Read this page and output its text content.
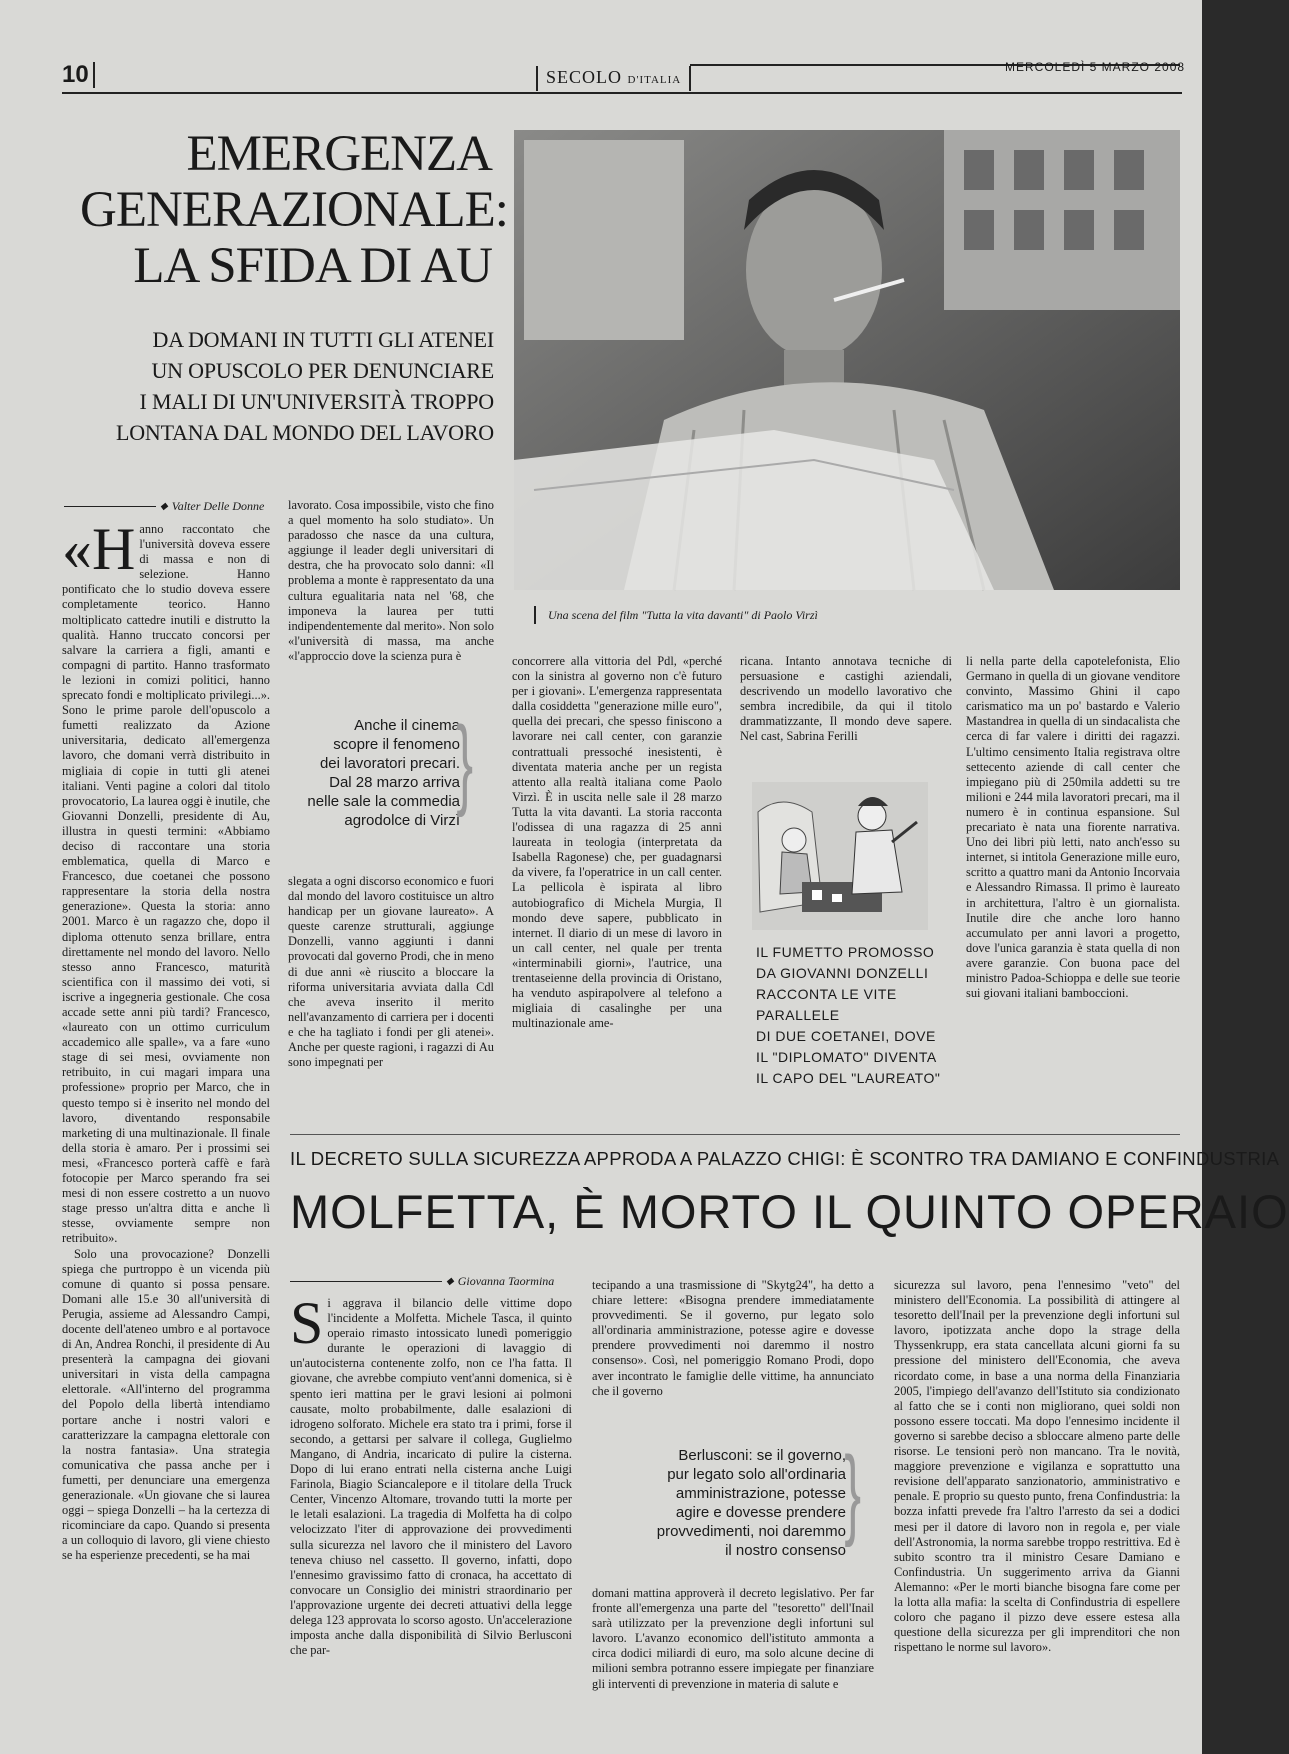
10	SECOLO D'ITALIA
MERCOLEDÌ 5 MARZO 2008
EMERGENZA
GENERAZIONALE:
LA SFIDA DI AU
DA DOMANI IN TUTTI GLI ATENEI
UN OPUSCOLO PER DENUNCIARE
I MALI DI UN'UNIVERSITÀ TROPPO
LONTANA DAL MONDO DEL LAVORO
Una scena del film "Tutta la vita davanti" di Paolo Virzì
◆ Valter Delle Donne
«H anno raccontato che l'università doveva essere di massa e non di selezione. Hanno pontificato che lo studio doveva essere completamente teorico. Hanno moltiplicato cattedre inutili e distrutto la qualità. Hanno truccato concorsi per salvare la carriera a figli, amanti e compagni di partito. Hanno trasformato le lezioni in comizi politici, hanno sprecato fondi e moltiplicato privilegi...». Sono le prime parole dell'opuscolo a fumetti realizzato da Azione universitaria, dedicato all'emergenza lavoro, che domani verrà distribuito in migliaia di copie in tutti gli atenei italiani. Venti pagine a colori dal titolo provocatorio, La laurea oggi è inutile, che Giovanni Donzelli, presidente di Au, illustra in questi termini: «Abbiamo deciso di raccontare una storia emblematica, quella di Marco e Francesco, due coetanei che possono rappresentare la storia della nostra generazione». Questa la storia: anno 2001. Marco è un ragazzo che, dopo il diploma ottenuto senza brillare, entra direttamente nel mondo del lavoro. Nello stesso anno Francesco, maturità scientifica con il massimo dei voti, si iscrive a ingegneria gestionale. Che cosa accade sette anni più tardi? Francesco, «laureato con un ottimo curriculum accademico alle spalle», va a fare «uno stage di sei mesi, ovviamente non retribuito, in cui magari impara una professione» proprio per Marco, che in questo tempo si è inserito nel mondo del lavoro, diventando responsabile marketing di una multinazionale. Il finale della storia è amaro. Per i prossimi sei mesi, «Francesco porterà caffè e farà fotocopie per Marco sperando fra sei mesi di non essere costretto a un nuovo stage presso un'altra ditta e anche lì stesse, ovviamente sempre non retribuito».

Solo una provocazione? Donzelli spiega che purtroppo è un vicenda più comune di quanto si possa pensare. Domani alle 15.e 30 all'università di Perugia, assieme ad Alessandro Campi, docente dell'ateneo umbro e al portavoce di An, Andrea Ronchi, il presidente di Au presenterà la campagna dei giovani universitari in vista della campagna elettorale. «All'interno del programma del Popolo della libertà intendiamo portare anche i nostri valori e caratterizzare la campagna elettorale con la nostra fantasia». Una strategia comunicativa che passa anche per i fumetti, per denunciare una emergenza generazionale. «Un giovane che si laurea oggi – spiega Donzelli – ha la certezza di ricominciare da capo. Quando si presenta a un colloquio di lavoro, gli viene chiesto se ha esperienze precedenti, se ha mai

lavorato. Cosa impossibile, visto che fino a quel momento ha solo studiato». Un paradosso che nasce da una cultura, aggiunge il leader degli universitari di destra, che ha provocato solo danni: «Il problema a monte è rappresentato da una cultura egualitaria nata nel '68, che imponeva la laurea per tutti indipendentemente dal merito». Non solo «l'università di massa, ma anche «l'approccio dove la scienza pura è

Anche il cinema
scopre il fenomeno
dei lavoratori precari.
Dal 28 marzo arriva
nelle sale la commedia
agrodolce di Virzì
}

slegata a ogni discorso economico e fuori dal mondo del lavoro costituisce un altro handicap per un giovane laureato». A queste carenze strutturali, aggiunge Donzelli, vanno aggiunti i danni provocati dal governo Prodi, che in meno di due anni «è riuscito a bloccare la riforma universitaria avviata dalla Cdl che aveva inserito il merito nell'avanzamento di carriera per i docenti e che ha tagliato i fondi per gli atenei». Anche per queste ragioni, i ragazzi di Au sono impegnati per

concorrere alla vittoria del Pdl, «perché con la sinistra al governo non c'è futuro per i giovani». L'emergenza rappresentata dalla cosiddetta "generazione mille euro", quella dei precari, che spesso finiscono a lavorare nei call center, con garanzie contrattuali pressoché inesistenti, è diventata materia anche per un regista attento alla realtà italiana come Paolo Virzì. È in uscita nelle sale il 28 marzo Tutta la vita davanti. La storia racconta l'odissea di una ragazza di 25 anni laureata in teologia (interpretata da Isabella Ragonese) che, per guadagnarsi da vivere, fa l'operatrice in un call center. La pellicola è ispirata al libro autobiografico di Michela Murgia, Il mondo deve sapere, pubblicato in internet. Il diario di un mese di lavoro in un call center, nel quale per trenta «interminabili giorni», l'autrice, una trentaseienne della provincia di Oristano, ha venduto aspirapolvere al telefono a migliaia di casalinghe per una multinazionale ame-

ricana. Intanto annotava tecniche di persuasione e castighi aziendali, descrivendo un modello lavorativo che sembra incredibile, da qui il titolo drammatizzante, Il mondo deve sapere. Nel cast, Sabrina Ferilli

IL FUMETTO PROMOSSO
DA GIOVANNI DONZELLI
RACCONTA LE VITE PARALLELE
DI DUE COETANEI, DOVE
IL "DIPLOMATO" DIVENTA
IL CAPO DEL "LAUREATO"

li nella parte della capotelefonista, Elio Germano in quella di un giovane venditore convinto, Massimo Ghini il capo carismatico ma un po' bastardo e Valerio Mastandrea in quella di un sindacalista che cerca di far valere i diritti dei ragazzi. L'ultimo censimento Italia registrava oltre settecento aziende di call center che impiegano più di 250mila addetti su tre milioni e 244 mila lavoratori precari, ma il numero è in continua espansione. Sul precariato è nata una fiorente narrativa. Uno dei libri più letti, nato anch'esso su internet, si intitola Generazione mille euro, scritto a quattro mani da Antonio Incorvaia e Alessandro Rimassa. Il primo è laureato in architettura, l'altro è un giornalista. Inutile dire che anche loro hanno accumulato per anni lavori a progetto, dove l'unica garanzia è stata quella di non avere garanzie. Con buona pace del ministro Padoa-Schioppa e delle sue teorie sui giovani italiani bamboccioni.

IL DECRETO SULLA SICUREZZA APPRODA A PALAZZO CHIGI: È SCONTRO TRA DAMIANO E CONFINDUSTRIA
MOLFETTA, È MORTO IL QUINTO OPERAIO
◆ Giovanna Taormina
S i aggrava il bilancio delle vittime dopo l'incidente a Molfetta. Michele Tasca, il quinto operaio rimasto intossicato lunedì pomeriggio durante le operazioni di lavaggio di un'autocisterna contenente zolfo, non ce l'ha fatta. Il giovane, che avrebbe compiuto vent'anni domenica, si è spento ieri mattina per le gravi lesioni ai polmoni causate, molto probabilmente, dalle esalazioni di idrogeno solforato. Michele era stato tra i primi, forse il secondo, a gettarsi per salvare il collega, Guglielmo Mangano, di Andria, incaricato di pulire la cisterna. Dopo di lui erano entrati nella cisterna anche Luigi Farinola, Biagio Sciancalepore e il titolare della Truck Center, Vincenzo Altomare, trovando tutti la morte per le letali esalazioni. La tragedia di Molfetta ha di colpo velocizzato l'iter di approvazione dei provvedimenti sulla sicurezza nel lavoro che il ministero del Lavoro teneva chiuso nel cassetto. Il governo, infatti, dopo l'ennesimo gravissimo fatto di cronaca, ha accettato di convocare un Consiglio dei ministri straordinario per l'approvazione urgente dei decreti attuativi della legge delega 123 approvata lo scorso agosto. Un'accelerazione imposta anche dalla disponibilità di Silvio Berlusconi che par-

tecipando a una trasmissione di "Skytg24", ha detto a chiare lettere: «Bisogna prendere immediatamente provvedimenti. Se il governo, pur legato solo all'ordinaria amministrazione, potesse agire e dovesse prendere provvedimenti noi daremmo il nostro consenso». Così, nel pomeriggio Romano Prodi, dopo aver incontrato le famiglie delle vittime, ha annunciato che il governo

Berlusconi: se il governo,
pur legato solo all'ordinaria
amministrazione, potesse
agire e dovesse prendere
provvedimenti, noi daremmo
il nostro consenso
}

domani mattina approverà il decreto legislativo. Per far fronte all'emergenza una parte del "tesoretto" dell'Inail sarà utilizzato per la prevenzione degli infortuni sul lavoro. L'avanzo economico dell'istituto ammonta a circa dodici miliardi di euro, ma solo alcune decine di milioni sembra potranno essere impiegate per finanziare gli interventi di prevenzione in materia di salute e

sicurezza sul lavoro, pena l'ennesimo "veto" del ministero dell'Economia. La possibilità di attingere al tesoretto dell'Inail per la prevenzione degli infortuni sul lavoro, ipotizzata anche dopo la strage della Thyssenkrupp, era stata cancellata alcuni giorni fa su pressione del ministero dell'Economia, che aveva ricordato come, in base a una norma della Finanziaria 2005, l'impiego dell'avanzo dell'Istituto sia condizionato al fatto che se i conti non migliorano, quei soldi non possono essere toccati. Ma dopo l'ennesimo incidente il governo si sarebbe deciso a sbloccare almeno parte delle risorse. Le tensioni però non mancano. Tra le novità, maggiore prevenzione e vigilanza e soprattutto una revisione dell'apparato sanzionatorio, amministrativo e penale. E proprio su questo punto, frena Confindustria: la bozza infatti prevede fra l'altro l'arresto da sei a dodici mesi per il datore di lavoro non in regola e, per viale dell'Astronomia, la norma sarebbe troppo restrittiva. Ed è subito scontro tra il ministro Cesare Damiano e Confindustria. Un suggerimento arriva da Gianni Alemanno: «Per le morti bianche bisogna fare come per la lotta alla mafia: la scelta di Confindustria di espellere coloro che pagano il pizzo deve essere estesa alla questione della sicurezza per gli imprenditori che non rispettano le norme sul lavoro».
